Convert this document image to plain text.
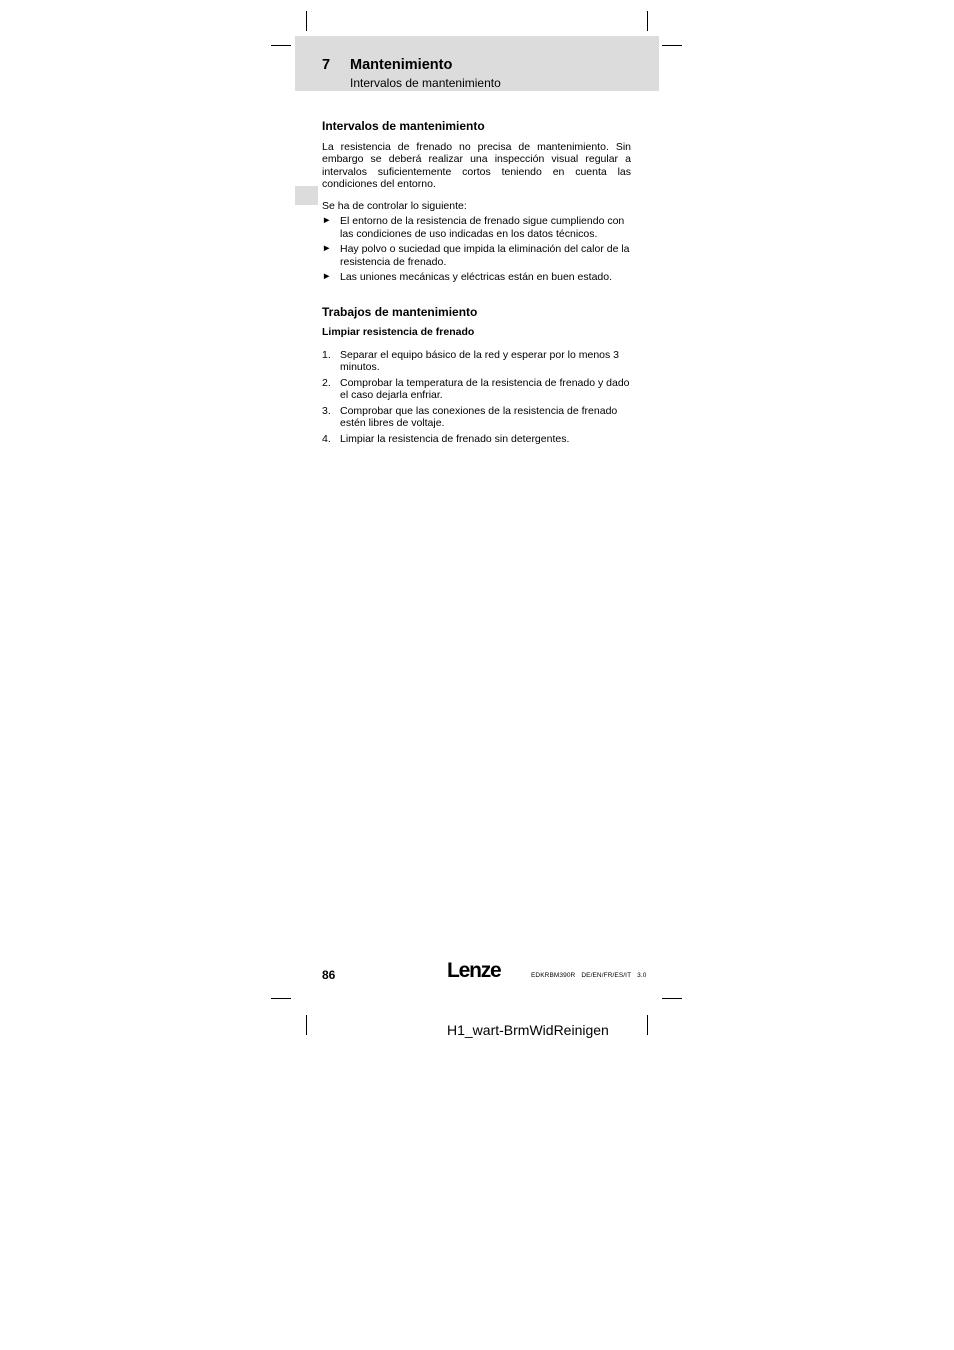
7 Mantenimiento
Intervalos de mantenimiento
Intervalos de mantenimiento
La resistencia de frenado no precisa de mantenimiento. Sin embargo se deberá realizar una inspección visual regular a intervalos suficientemente cortos teniendo en cuenta las condiciones del entorno.
Se ha de controlar lo siguiente:
► El entorno de la resistencia de frenado sigue cumpliendo con las condiciones de uso indicadas en los datos técnicos.
► Hay polvo o suciedad que impida la eliminación del calor de la resistencia de frenado.
► Las uniones mecánicas y eléctricas están en buen estado.
Trabajos de mantenimiento
Limpiar resistencia de frenado
1. Separar el equipo básico de la red y esperar por lo menos 3 minutos.
2. Comprobar la temperatura de la resistencia de frenado y dado el caso dejarla enfriar.
3. Comprobar que las conexiones de la resistencia de frenado estén libres de voltaje.
4. Limpiar la resistencia de frenado sin detergentes.
86	Lenze	EDKRBM390R DE/EN/FR/ES/IT 3.0
H1_wart-BrmWidReinigen
